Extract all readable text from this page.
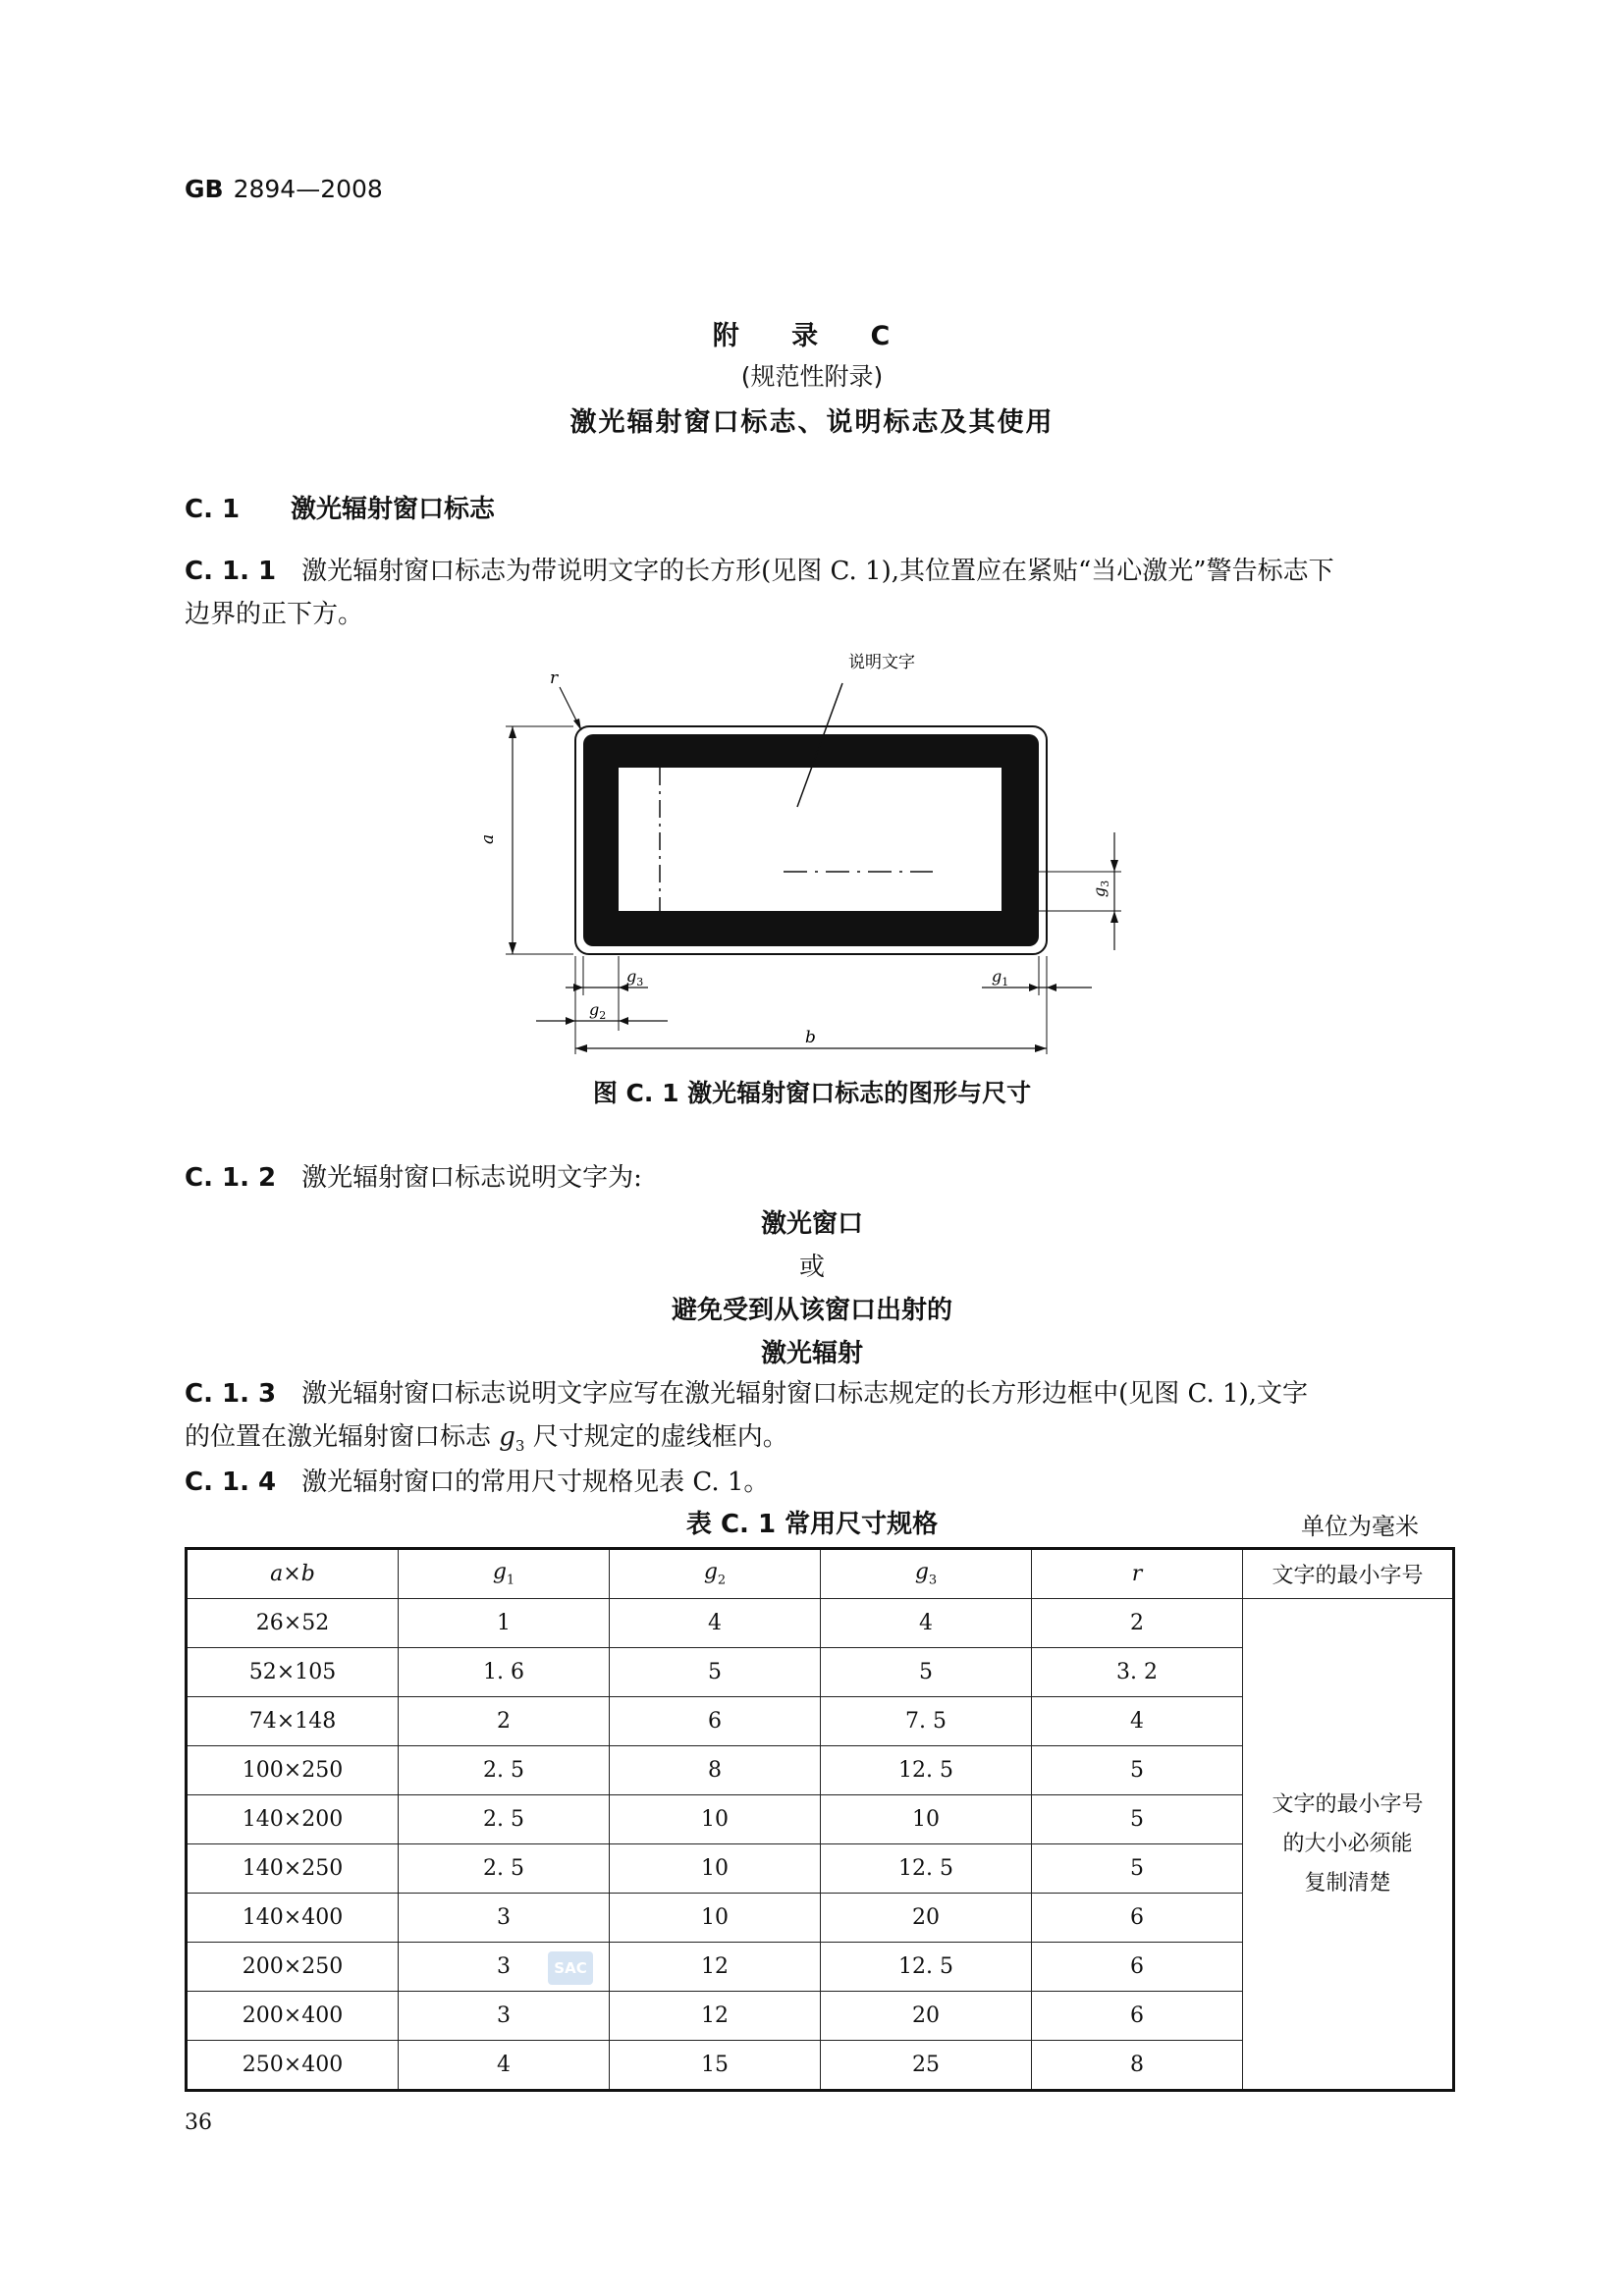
GB 2894—2008
附 录 C
(规范性附录)
激光辐射窗口标志、说明标志及其使用
C. 1 激光辐射窗口标志
C. 1. 1 激光辐射窗口标志为带说明文字的长方形(见图 C. 1),其位置应在紧贴“当心激光”警告标志下
边界的正下方。
说明文字
r
a
$g_3$
$g_3$	$g_1$
$g_2$
b
图 C. 1 激光辐射窗口标志的图形与尺寸
C. 1. 2 激光辐射窗口标志说明文字为:
激光窗口
或
避免受到从该窗口出射的
激光辐射
C. 1. 3 激光辐射窗口标志说明文字应写在激光辐射窗口标志规定的长方形边框中(见图 C. 1),文字
的位置在激光辐射窗口标志 $g_3$ 尺寸规定的虚线框内。
C. 1. 4 激光辐射窗口的常用尺寸规格见表 C. 1。
表 C. 1 常用尺寸规格	单位为毫米
a×b	$g_1$	$g_2$	$g_3$	r	文字的最小字号
26×52	1	4	4	2	文字的最小字号
的大小必须能
复制清楚

52×105	1. 6	5	5	3. 2	
74×148	2	6	7. 5	4	
100×250	2. 5	8	12. 5	5	
140×200	2. 5	10	10	5	
140×250	2. 5	10	12. 5	5	
140×400	3	10	20	6	
200×250	3	12	12. 5	6	
200×400	3	12	20	6	
250×400	4	15	25	8	
SAC
36
